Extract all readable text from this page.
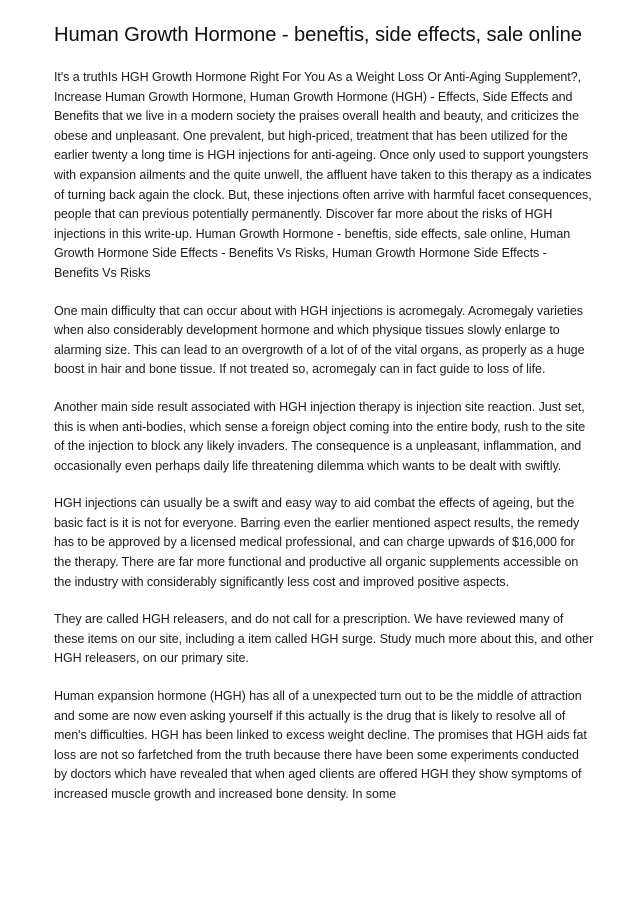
Human Growth Hormone - beneftis, side effects, sale online

It's a truthIs HGH Growth Hormone Right For You As a Weight Loss Or Anti-Aging Supplement?, Increase Human Growth Hormone, Human Growth Hormone (HGH) - Effects, Side Effects and Benefits that we live in a modern society the praises overall health and beauty, and criticizes the obese and unpleasant. One prevalent, but high-priced, treatment that has been utilized for the earlier twenty a long time is HGH injections for anti-ageing. Once only used to support youngsters with expansion ailments and the quite unwell, the affluent have taken to this therapy as a indicates of turning back again the clock. But, these injections often arrive with harmful facet consequences, people that can previous potentially permanently. Discover far more about the risks of HGH injections in this write-up. Human Growth Hormone - beneftis, side effects, sale online, Human Growth Hormone Side Effects - Benefits Vs Risks, Human Growth Hormone Side Effects - Benefits Vs Risks

One main difficulty that can occur about with HGH injections is acromegaly. Acromegaly varieties when also considerably development hormone and which physique tissues slowly enlarge to alarming size. This can lead to an overgrowth of a lot of of the vital organs, as properly as a huge boost in hair and bone tissue. If not treated so, acromegaly can in fact guide to loss of life.

Another main side result associated with HGH injection therapy is injection site reaction. Just set, this is when anti-bodies, which sense a foreign object coming into the entire body, rush to the site of the injection to block any likely invaders. The consequence is a unpleasant, inflammation, and occasionally even perhaps daily life threatening dilemma which wants to be dealt with swiftly.

HGH injections can usually be a swift and easy way to aid combat the effects of ageing, but the basic fact is it is not for everyone. Barring even the earlier mentioned aspect results, the remedy has to be approved by a licensed medical professional, and can charge upwards of $16,000 for the therapy. There are far more functional and productive all organic supplements accessible on the industry with considerably significantly less cost and improved positive aspects.

They are called HGH releasers, and do not call for a prescription. We have reviewed many of these items on our site, including a item called HGH surge. Study much more about this, and other HGH releasers, on our primary site.

Human expansion hormone (HGH) has all of a unexpected turn out to be the middle of attraction and some are now even asking yourself if this actually is the drug that is likely to resolve all of men's difficulties. HGH has been linked to excess weight decline. The promises that HGH aids fat loss are not so farfetched from the truth because there have been some experiments conducted by doctors which have revealed that when aged clients are offered HGH they show symptoms of increased muscle growth and increased bone density. In some
